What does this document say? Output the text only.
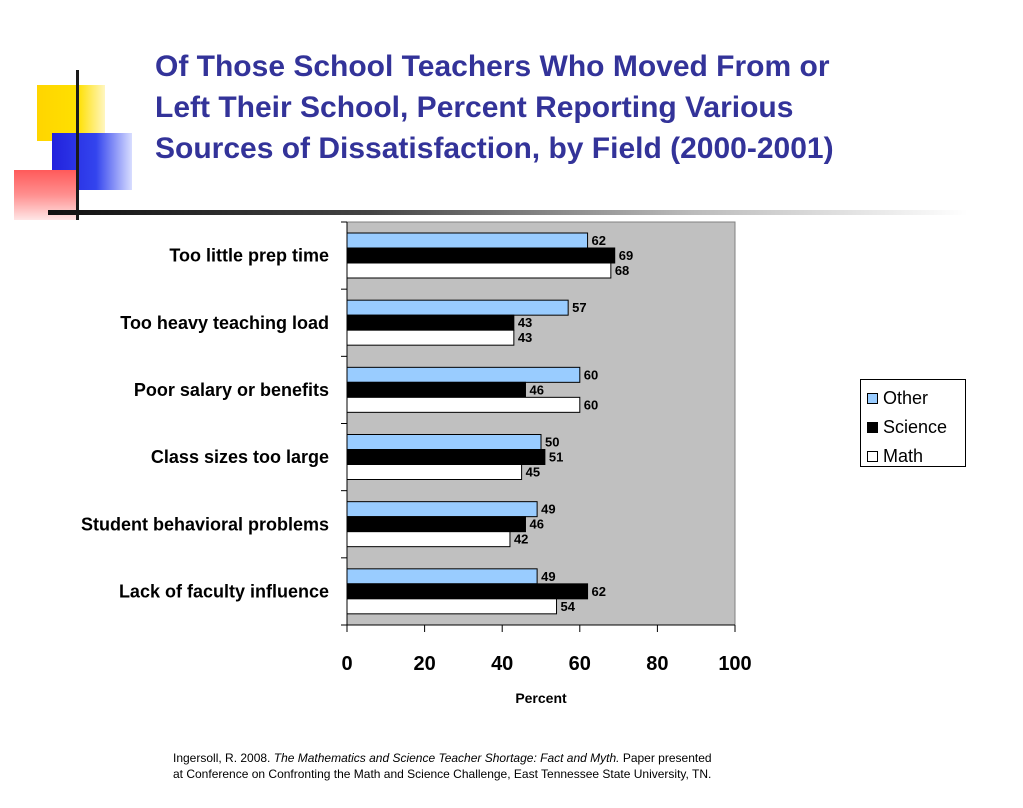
Of Those School Teachers Who Moved From or
Left Their School, Percent Reporting Various
Sources of Dissatisfaction, by Field (2000-2001)
62
69
68
Too little prep time
57
43
43
Too heavy teaching load
60
46
60
Poor salary or benefits
50
51
45
Class sizes too large
49
46
42
Student behavioral problems
49
62
54
Lack of faculty influence
0	20	40	60	80 100
Percent
Other
Science
Math
Ingersoll, R. 2008. The Mathematics and Science Teacher Shortage: Fact and Myth. Paper presented
at Conference on Confronting the Math and Science Challenge, East Tennessee State University, TN.
